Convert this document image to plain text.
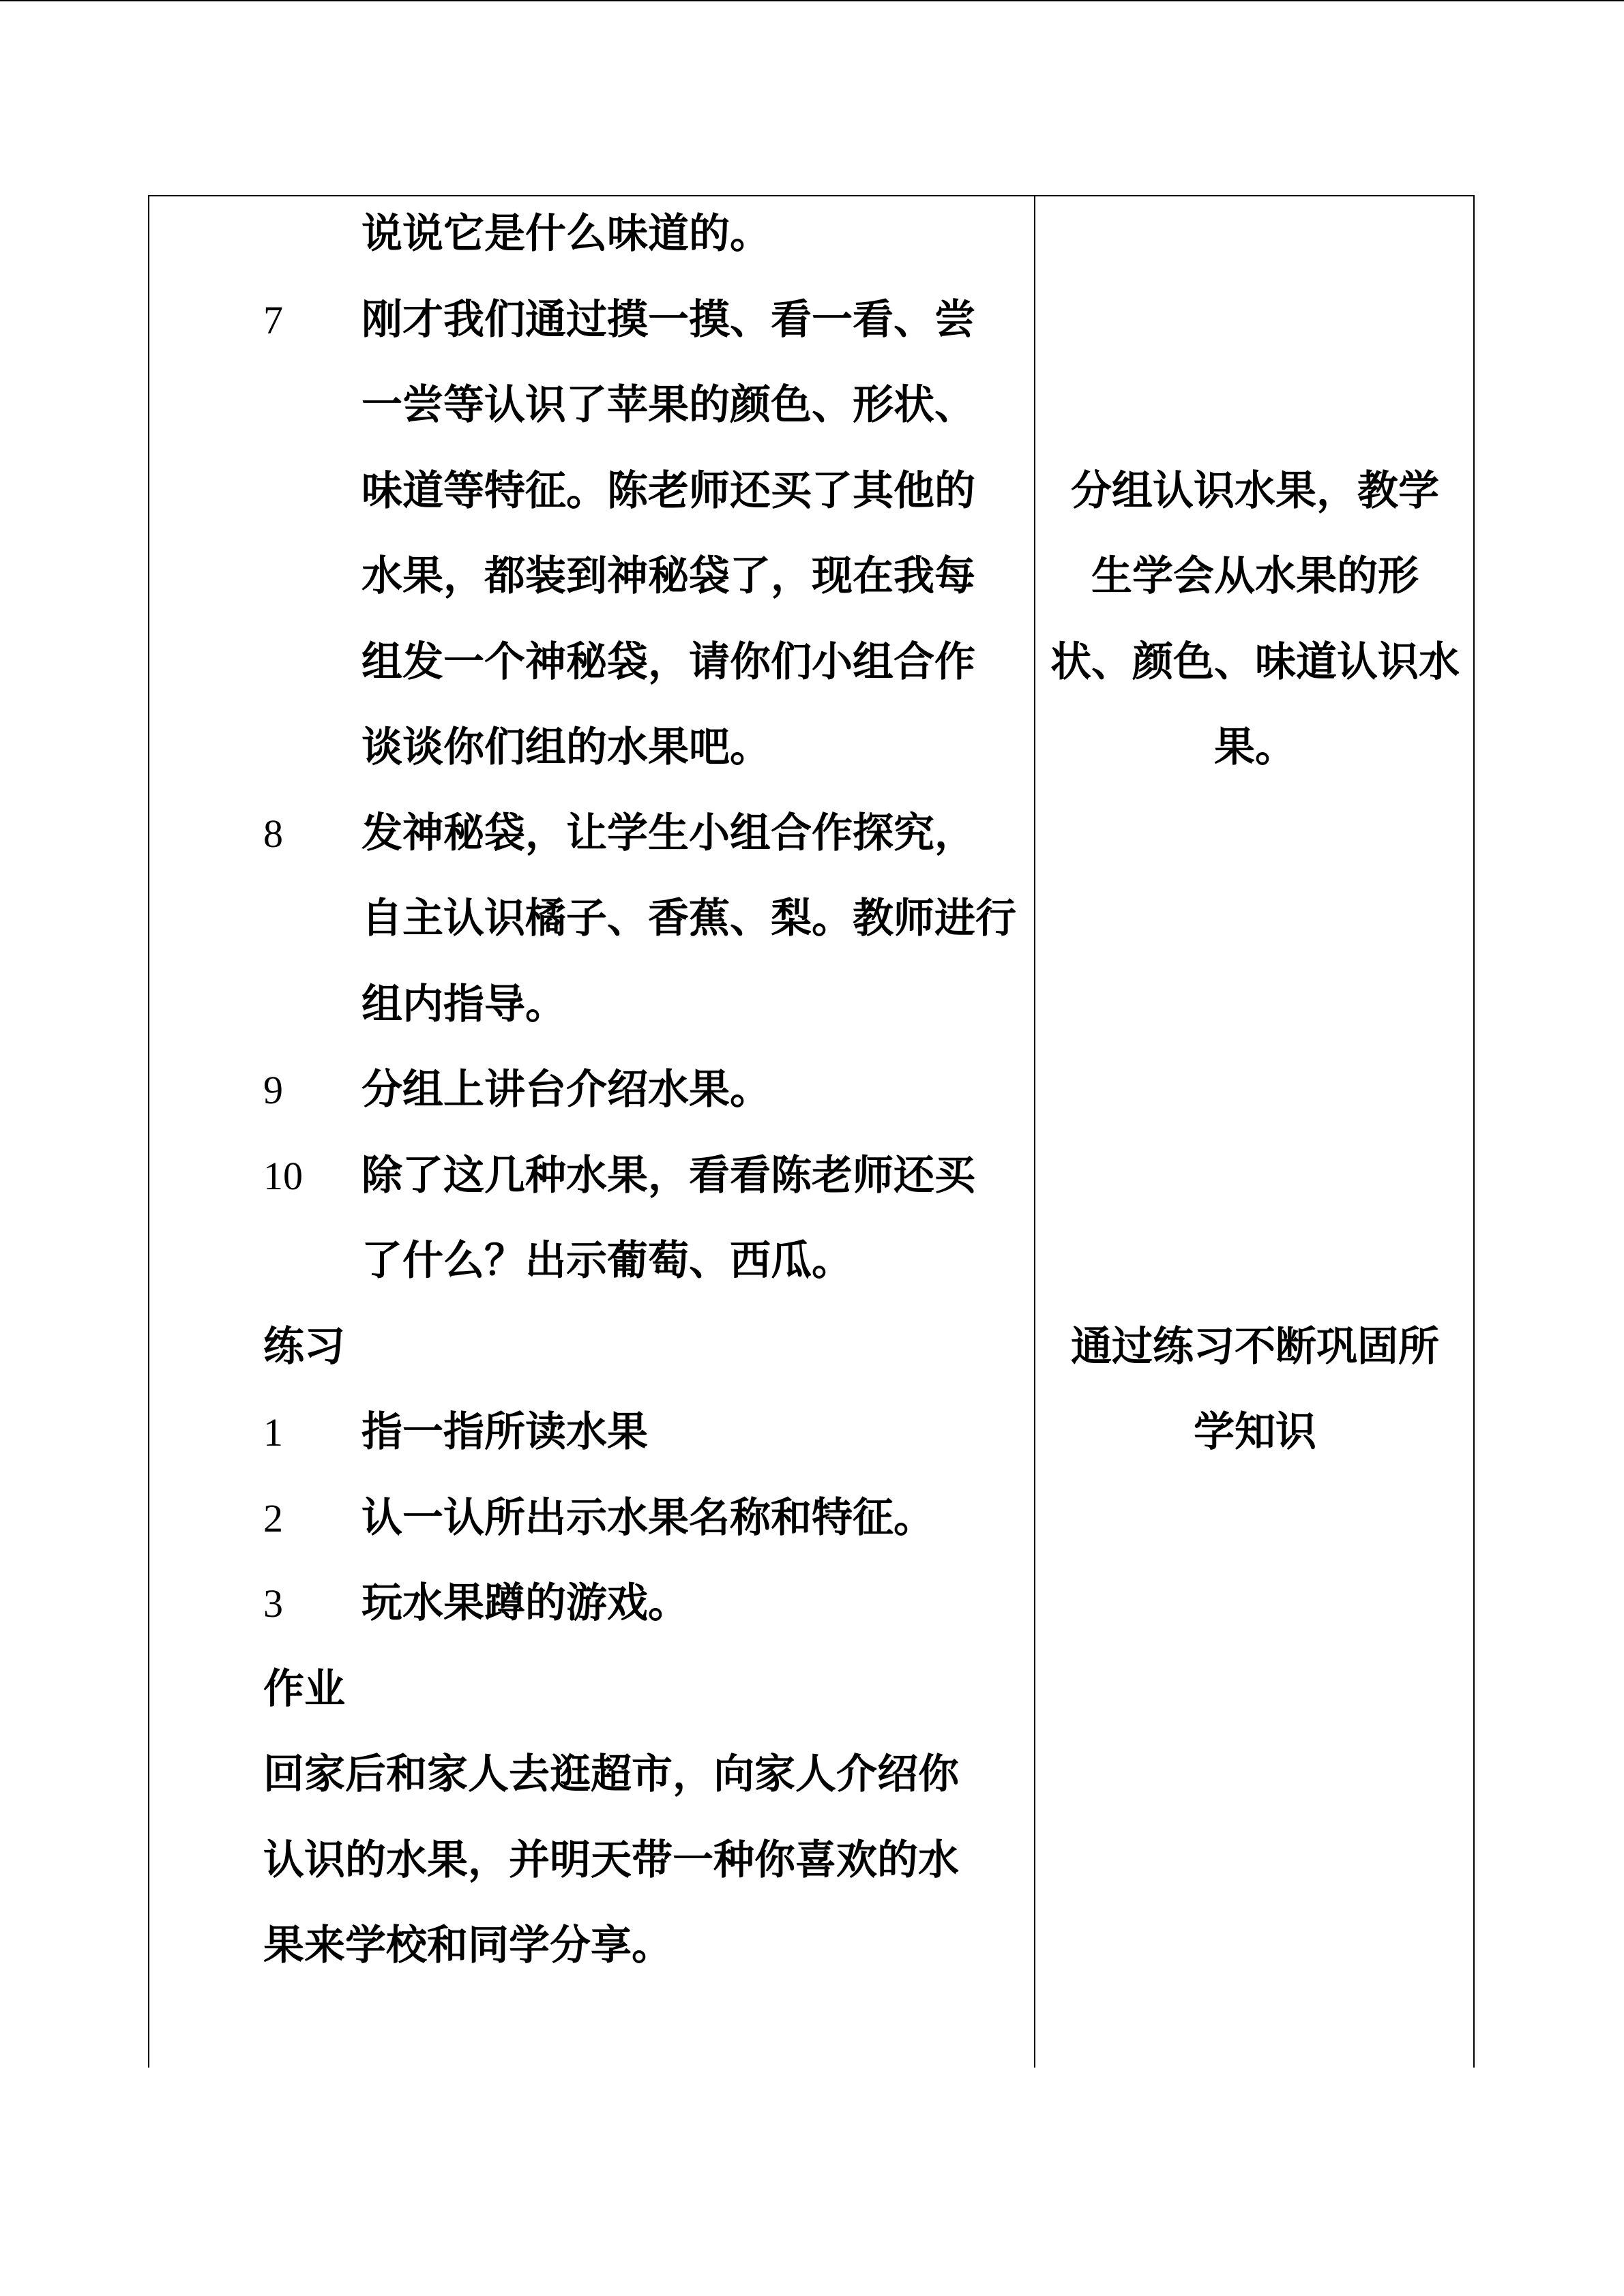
说说它是什么味道的。
7 刚才我们通过摸一摸、看一看、尝
一尝等认识了苹果的颜色、形状、
味道等特征。陈老师还买了其他的
水果，都装到神秘袋了，现在我每
组发一个神秘袋，请你们小组合作
谈谈你们组的水果吧。
8 发神秘袋，让学生小组合作探究，
自主认识橘子、香蕉、梨。教师进行
组内指导。
9 分组上讲台介绍水果。
10 除了这几种水果，看看陈老师还买
了什么？出示葡萄、西瓜。
练习
1 指一指所读水果
2 认一认所出示水果名称和特征。
3 玩水果蹲的游戏。
作业
回家后和家人去逛超市，向家人介绍你
认识的水果，并明天带一种你喜欢的水
果来学校和同学分享。
分组认识水果，教学
生学会从水果的形
状、颜色、味道认识水
果。
通过练习不断巩固所
学知识
